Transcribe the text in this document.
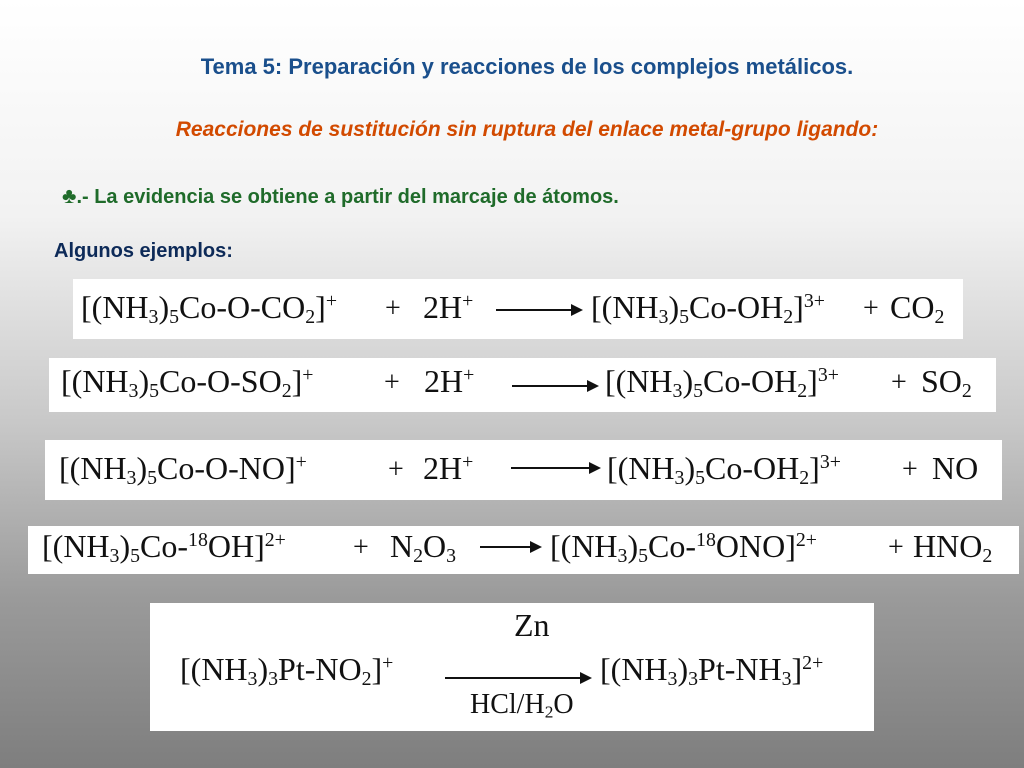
Tema 5: Preparación y reacciones de los complejos metálicos.
Reacciones de sustitución sin ruptura del enlace metal-grupo ligando:
♣.- La evidencia se obtiene a partir del marcaje de átomos.
Algunos ejemplos:
$[(NH_3)_5Co-O-CO_2]^+ + 2H^+ \to [(NH_3)_5Co-OH_2]^{3+} + CO_2$
$[(NH_3)_5Co-O-SO_2]^+$	+ $2H^+ \to [(NH_3)_5Co-OH_2]^{3+} + SO_2$
$[(NH_3)_5Co-O-NO]^+$	+ $2H^+ \to [(NH_3)_5Co-OH_2]^{3+}$ + NO
$[(NH_3)_5Co-^{18}OH]^{2+} + N_2O_3 \to [(NH_3)_5Co-^{18}ONO]^{2+}$	+ $HNO_2$
Zn
$[(NH_3)_3Pt-NO_2]^+$	$[(NH_3)_3Pt-NH_3]^{2+}$
HCl/$H_2O$
